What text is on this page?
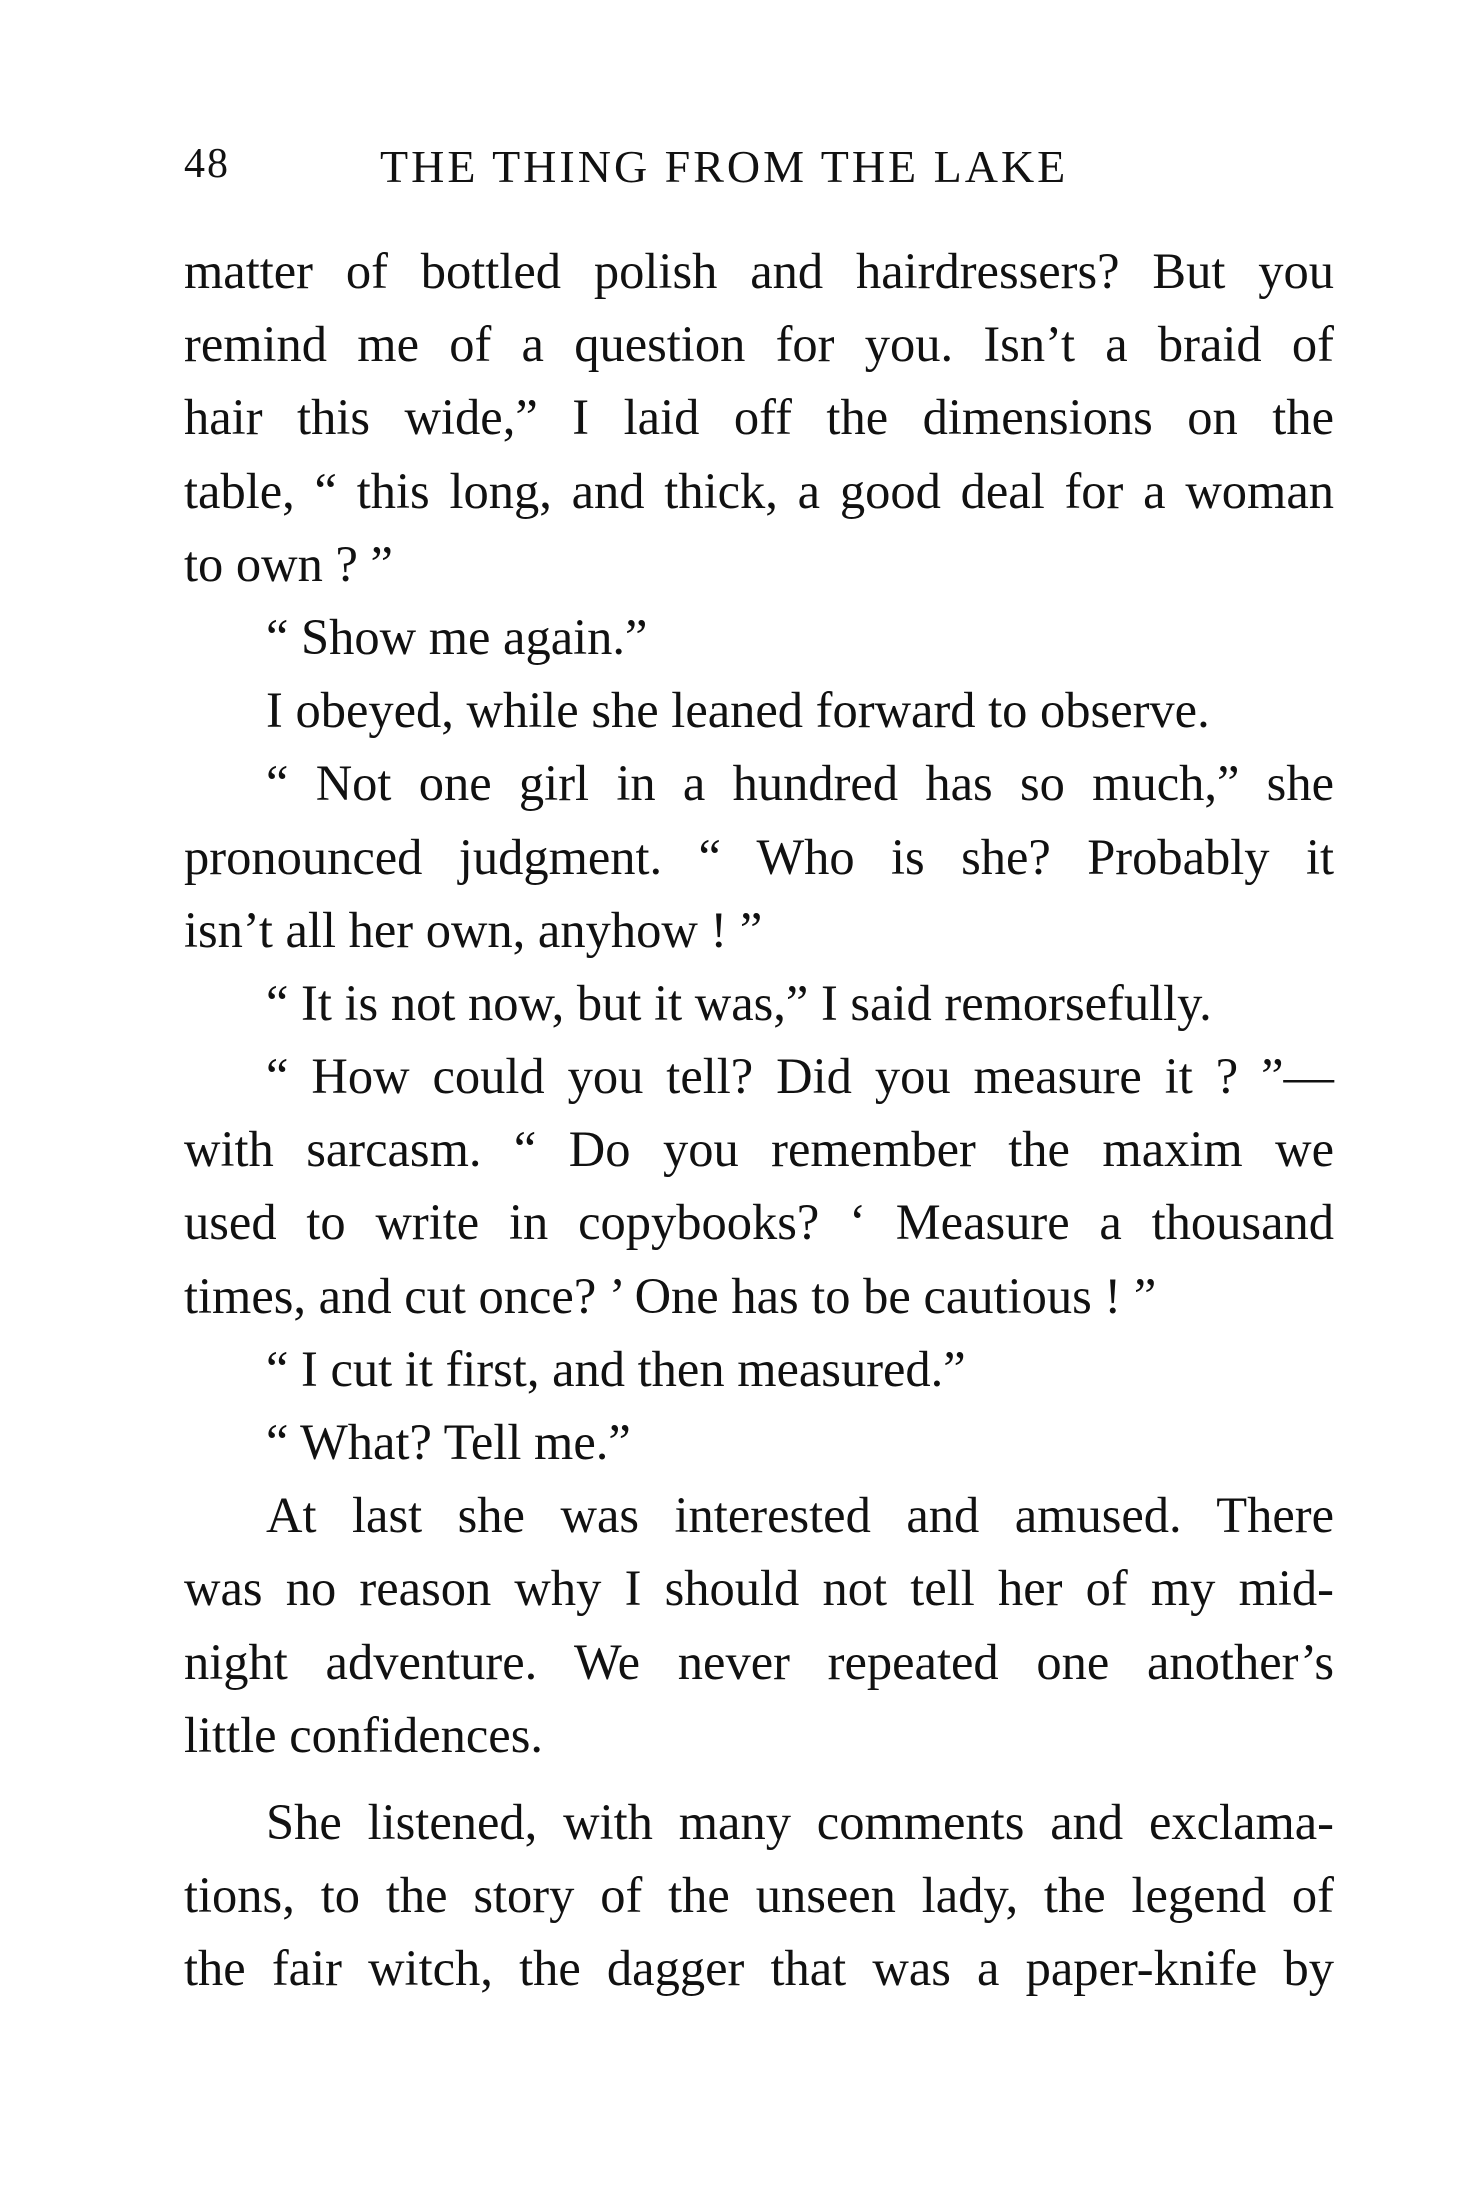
48	THE THING FROM THE LAKE
matter of bottled polish and hairdressers? But you
remind me of a question for you. Isn’t a braid of
hair this wide,” I laid off the dimensions on the
table, “ this long, and thick, a good deal for a woman
to own ? ”
“ Show me again.”
I obeyed, while she leaned forward to observe.
“ Not one girl in a hundred has so much,” she
pronounced judgment. “ Who is she? Probably it
isn’t all her own, anyhow ! ”
“ It is not now, but it was,” I said remorsefully.
“ How could you tell? Did you measure it ? ”—
with sarcasm. “ Do you remember the maxim we
used to write in copybooks? ‘ Measure a thousand
times, and cut once? ’ One has to be cautious ! ”
“ I cut it first, and then measured.”
“ What? Tell me.”
At last she was interested and amused. There
was no reason why I should not tell her of my mid-
night adventure. We never repeated one another’s
little confidences.
She listened, with many comments and exclama-
tions, to the story of the unseen lady, the legend of
the fair witch, the dagger that was a paper-knife by
